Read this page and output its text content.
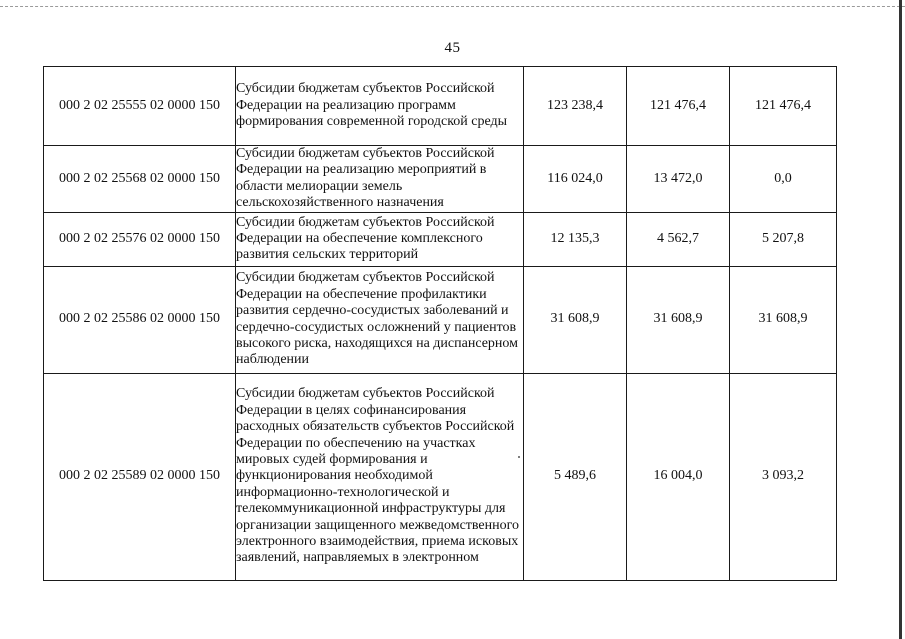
45
000 2 02 25555 02 0000 150	Субсидии бюджетам субъектов Российской Федерации на реализацию программ формирования современной городской среды	123 238,4	121 476,4	121 476,4
000 2 02 25568 02 0000 150	Субсидии бюджетам субъектов Российской Федерации на реализацию мероприятий в области мелиорации земель сельскохозяйственного назначения	116 024,0	13 472,0	0,0
000 2 02 25576 02 0000 150	Субсидии бюджетам субъектов Российской Федерации на обеспечение комплексного развития сельских территорий	12 135,3	4 562,7	5 207,8
000 2 02 25586 02 0000 150	Субсидии бюджетам субъектов Российской Федерации на обеспечение профилактики развития сердечно-сосудистых заболеваний и сердечно-сосудистых осложнений у пациентов высокого риска, находящихся на диспансерном наблюдении	31 608,9	31 608,9	31 608,9
000 2 02 25589 02 0000 150	Субсидии бюджетам субъектов Российской Федерации в целях софинансирования расходных обязательств субъектов Российской Федерации по обеспечению на участках мировых судей формирования и функционирования необходимой информационно-технологической и телекоммуникационной инфраструктуры для организации защищенного межведомственного электронного взаимодействия, приема исковых заявлений, направляемых в электронном	5 489,6	16 004,0	3 093,2
